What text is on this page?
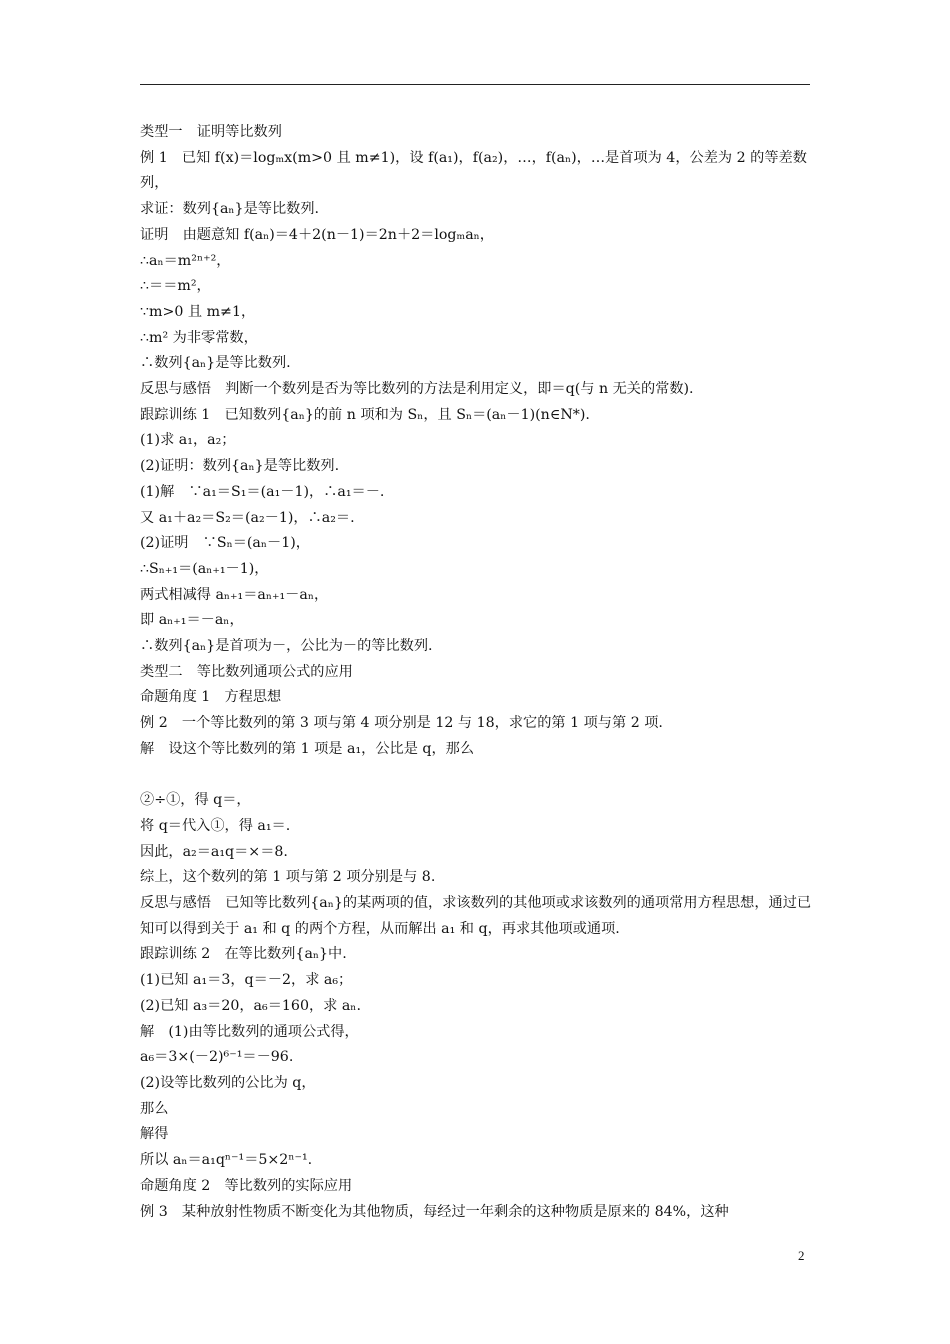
类型一　证明等比数列
例 1　已知 f(x)＝logₘx(m>0 且 m≠1)，设 f(a₁)，f(a₂)，…，f(aₙ)，…是首项为 4，公差为 2 的等差数列，
求证：数列{aₙ}是等比数列.
证明　由题意知 f(aₙ)＝4＋2(n－1)＝2n＋2＝logₘaₙ，
∴aₙ＝m²ⁿ⁺²，
∴＝＝m²，
∵m>0 且 m≠1，
∴m² 为非零常数，
∴数列{aₙ}是等比数列.
反思与感悟　判断一个数列是否为等比数列的方法是利用定义，即＝q(与 n 无关的常数).
跟踪训练 1　已知数列{aₙ}的前 n 项和为 Sₙ，且 Sₙ＝(aₙ－1)(n∈N*).
(1)求 a₁，a₂；
(2)证明：数列{aₙ}是等比数列.
(1)解　∵a₁＝S₁＝(a₁－1)，∴a₁＝－.
又 a₁＋a₂＝S₂＝(a₂－1)，∴a₂＝.
(2)证明　∵Sₙ＝(aₙ－1)，
∴Sₙ₊₁＝(aₙ₊₁－1)，
两式相减得 aₙ₊₁＝aₙ₊₁－aₙ，
即 aₙ₊₁＝－aₙ，
∴数列{aₙ}是首项为－，公比为－的等比数列.
类型二　等比数列通项公式的应用
命题角度 1　方程思想
例 2　一个等比数列的第 3 项与第 4 项分别是 12 与 18，求它的第 1 项与第 2 项.
解　设这个等比数列的第 1 项是 a₁，公比是 q，那么
②÷①，得 q＝，
将 q＝代入①，得 a₁＝.
因此，a₂＝a₁q＝×＝8.
综上，这个数列的第 1 项与第 2 项分别是与 8.
反思与感悟　已知等比数列{aₙ}的某两项的值，求该数列的其他项或求该数列的通项常用方程思想，通过已知可以得到关于 a₁ 和 q 的两个方程，从而解出 a₁ 和 q，再求其他项或通项.
跟踪训练 2　在等比数列{aₙ}中.
(1)已知 a₁＝3，q＝－2，求 a₆；
(2)已知 a₃＝20，a₆＝160，求 aₙ.
解　(1)由等比数列的通项公式得，
a₆＝3×(－2)⁶⁻¹＝－96.
(2)设等比数列的公比为 q，
那么
解得
所以 aₙ＝a₁qⁿ⁻¹＝5×2ⁿ⁻¹.
命题角度 2　等比数列的实际应用
例 3　某种放射性物质不断变化为其他物质，每经过一年剩余的这种物质是原来的 84%，这种
2
